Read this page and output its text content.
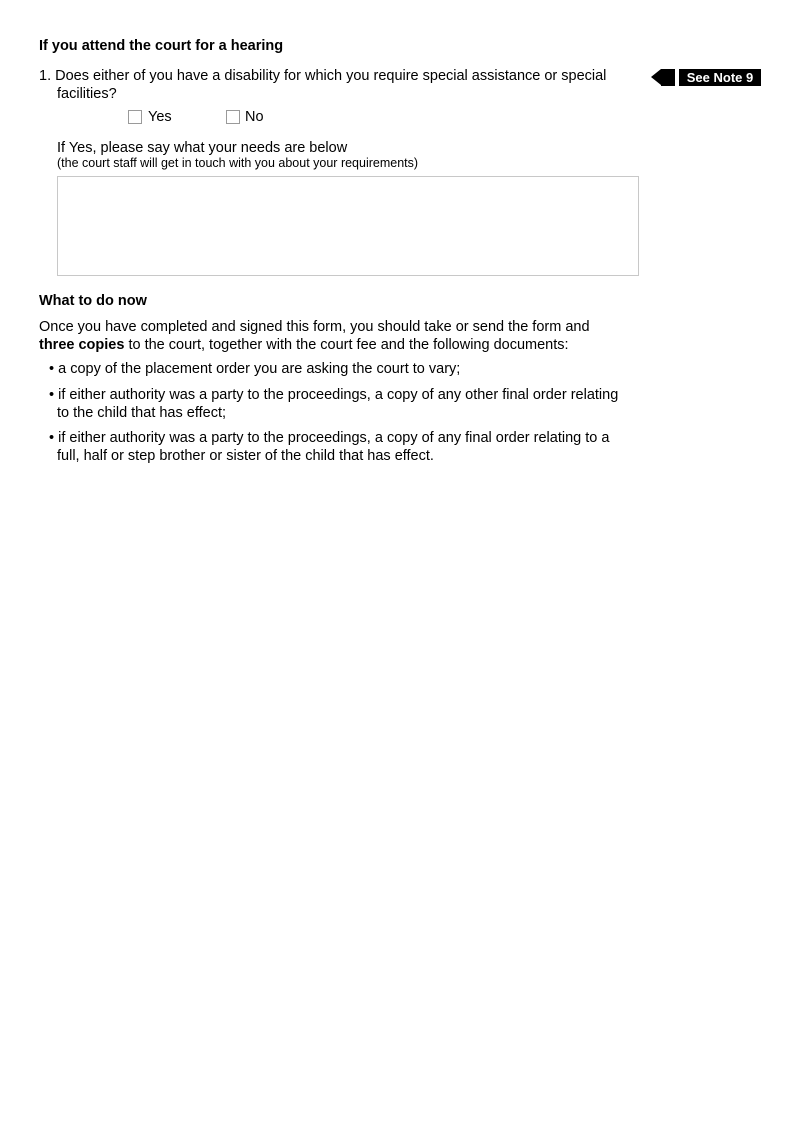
If you attend the court for a hearing
1. Does either of you have a disability for which you require special assistance or special
facilities?
See Note 9
Yes	No
If Yes, please say what your needs are below
(the court staff will get in touch with you about your requirements)
What to do now
Once you have completed and signed this form, you should take or send the form and
three copies to the court, together with the court fee and the following documents:
• a copy of the placement order you are asking the court to vary;
• if either authority was a party to the proceedings, a copy of any other final order relating
to the child that has effect;
• if either authority was a party to the proceedings, a copy of any final order relating to a
full, half or step brother or sister of the child that has effect.
